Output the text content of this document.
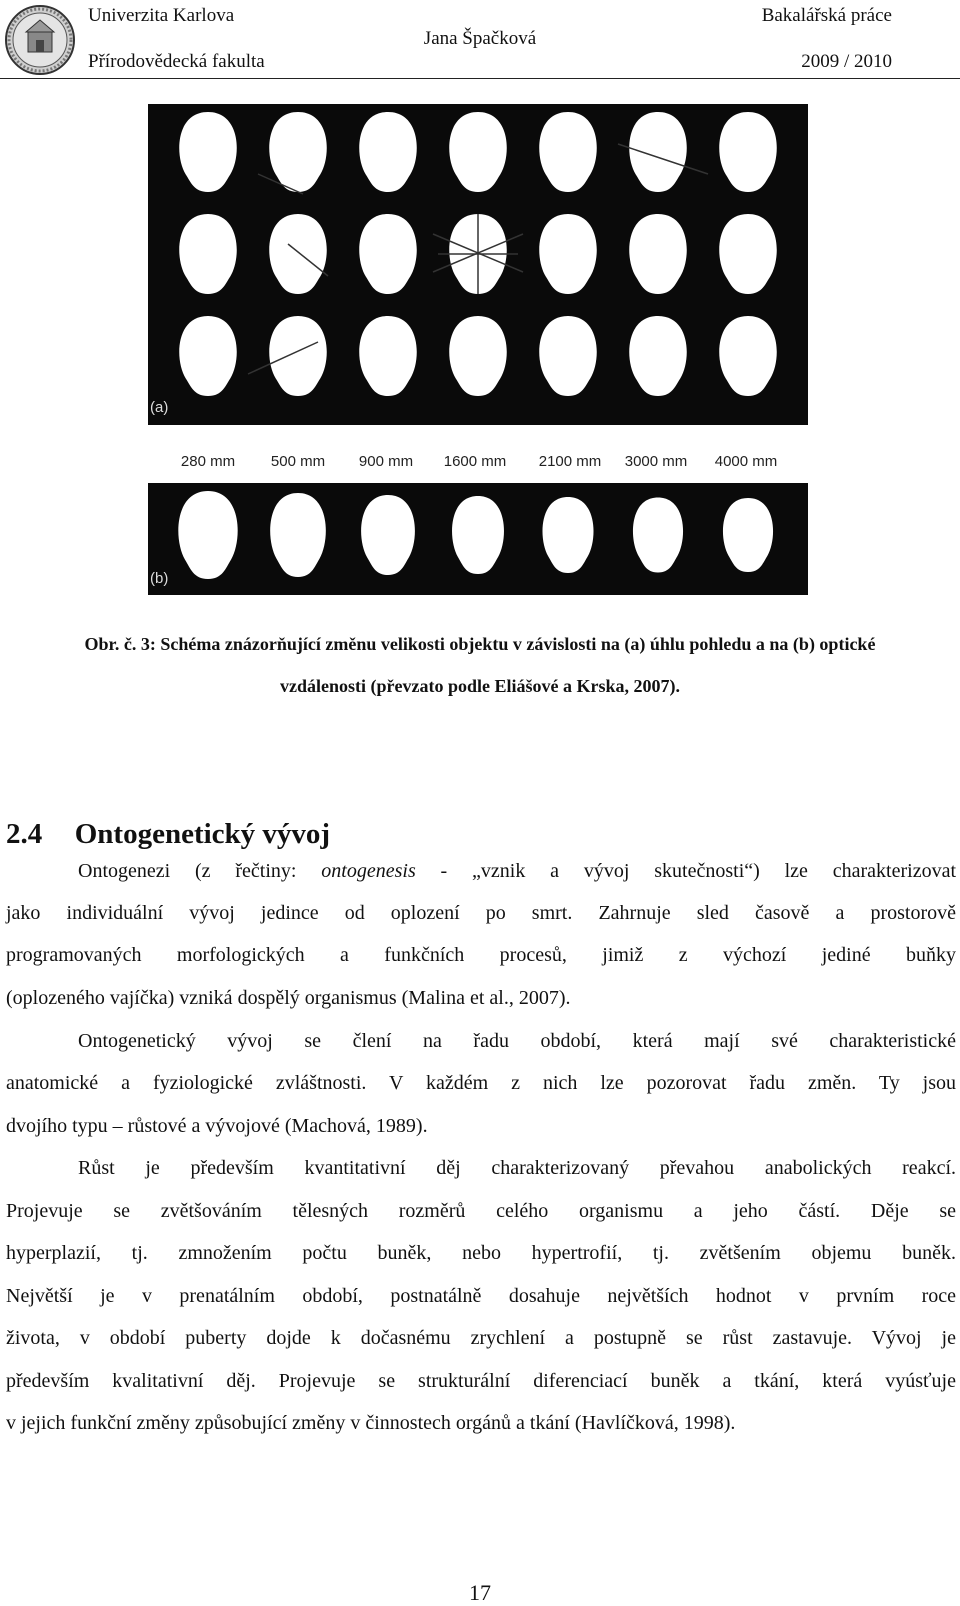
Univerzita Karlova
Přírodovědecká fakulta
Jana Špačková
Bakalářská práce
2009 / 2010
(a)
280 mm 500 mm 900 mm 1600 mm 2100 mm 3000 mm 4000 mm
(b)
Obr. č. 3: Schéma znázorňující změnu velikosti objektu v závislosti na (a) úhlu pohledu a na (b) optické
vzdálenosti (převzato podle Eliášové a Krska, 2007).
2.4 Ontogenetický vývoj
Ontogenezi (z řečtiny: ontogenesis - „vznik a vývoj skutečnosti“) lze charakterizovat
jako individuální vývoj jedince od oplození po smrt. Zahrnuje sled časově a prostorově
programovaných morfologických a funkčních procesů, jimiž z výchozí jediné buňky
(oplozeného vajíčka) vzniká dospělý organismus (Malina et al., 2007).
Ontogenetický vývoj se člení na řadu období, která mají své charakteristické
anatomické a fyziologické zvláštnosti. V každém z nich lze pozorovat řadu změn. Ty jsou
dvojího typu – růstové a vývojové (Machová, 1989).
Růst je především kvantitativní děj charakterizovaný převahou anabolických reakcí.
Projevuje se zvětšováním tělesných rozměrů celého organismu a jeho částí. Děje se
hyperplazií, tj. zmnožením počtu buněk, nebo hypertrofií, tj. zvětšením objemu buněk.
Největší je v prenatálním období, postnatálně dosahuje největších hodnot v prvním roce
života, v období puberty dojde k dočasnému zrychlení a postupně se růst zastavuje. Vývoj je
především kvalitativní děj. Projevuje se strukturální diferenciací buněk a tkání, která vyúsťuje
v jejich funkční změny způsobující změny v činnostech orgánů a tkání (Havlíčková, 1998).
17
